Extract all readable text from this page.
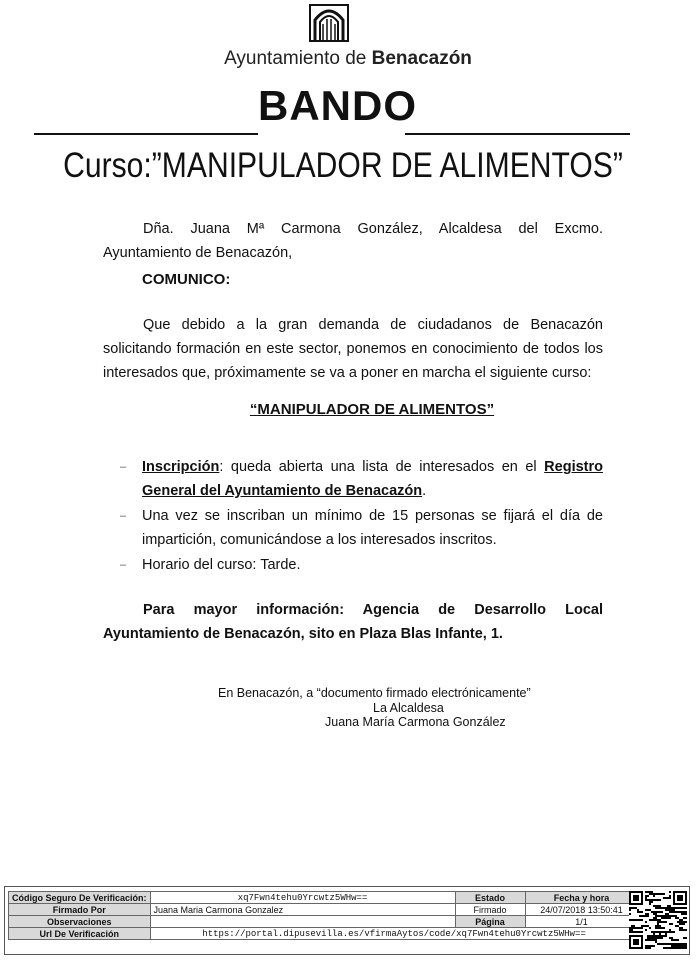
Ayuntamiento de Benacazón
BANDO
Curso:”MANIPULADOR DE ALIMENTOS”
Dña. Juana Mª Carmona González, Alcaldesa del Excmo. Ayuntamiento de Benacazón,
COMUNICO:
Que debido a la gran demanda de ciudadanos de Benacazón solicitando formación en este sector, ponemos en conocimiento de todos los interesados que, próximamente se va a poner en marcha el siguiente curso:
“MANIPULADOR DE ALIMENTOS”
– Inscripción: queda abierta una lista de interesados en el Registro General del Ayuntamiento de Benacazón.
– Una vez se inscriban un mínimo de 15 personas se fijará el día de impartición, comunicándose a los interesados inscritos.
– Horario del curso: Tarde.
Para mayor información: Agencia de Desarrollo Local Ayuntamiento de Benacazón, sito en Plaza Blas Infante, 1.
En Benacazón, a “documento firmado electrónicamente”
La Alcaldesa
Juana María Carmona González
Código Seguro De Verificación:	xq7Fwn4tehu0Yrcwtz5WHw==	Estado	Fecha y hora
Firmado Por	Juana Maria Carmona Gonzalez	Firmado	24/07/2018 13:50:41
Observaciones		Página	1/1
Url De Verificación	https://portal.dipusevilla.es/vfirmaAytos/code/xq7Fwn4tehu0Yrcwtz5WHw==		
